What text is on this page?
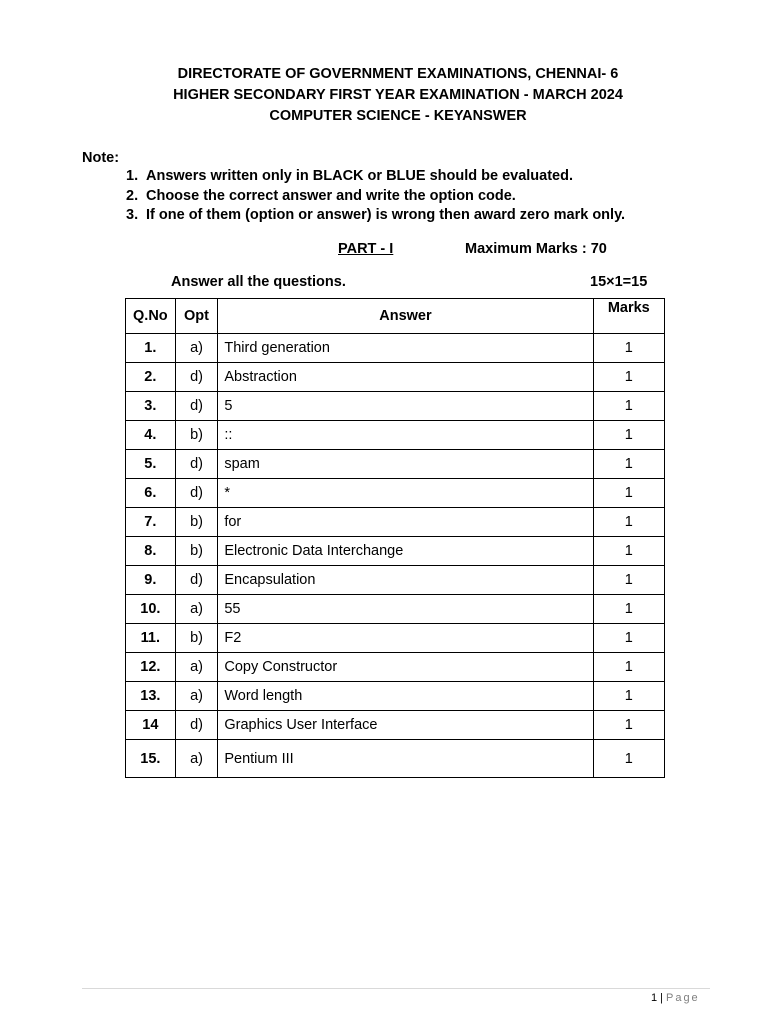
DIRECTORATE OF GOVERNMENT EXAMINATIONS, CHENNAI- 6
HIGHER SECONDARY FIRST YEAR EXAMINATION - MARCH 2024
COMPUTER SCIENCE - KEYANSWER
Note:
1. Answers written only in BLACK or BLUE should be evaluated.
2. Choose the correct answer and write the option code.
3. If one of them (option or answer) is wrong then award zero mark only.
PART - I	Maximum Marks : 70
Answer all the questions.	15×1=15
Q.No	Opt	Answer	Marks
1.	a)	Third generation	1
2.	d)	Abstraction	1
3.	d)	5	1
4.	b)	::	1
5.	d)	spam	1
6.	d)	*	1
7.	b)	for	1
8.	b)	Electronic Data Interchange	1
9.	d)	Encapsulation	1
10.	a)	55	1
11.	b)	F2	1
12.	a)	Copy Constructor	1
13.	a)	Word length	1
14	d)	Graphics User Interface	1
15.	a)	Pentium III	1
1 | Page
